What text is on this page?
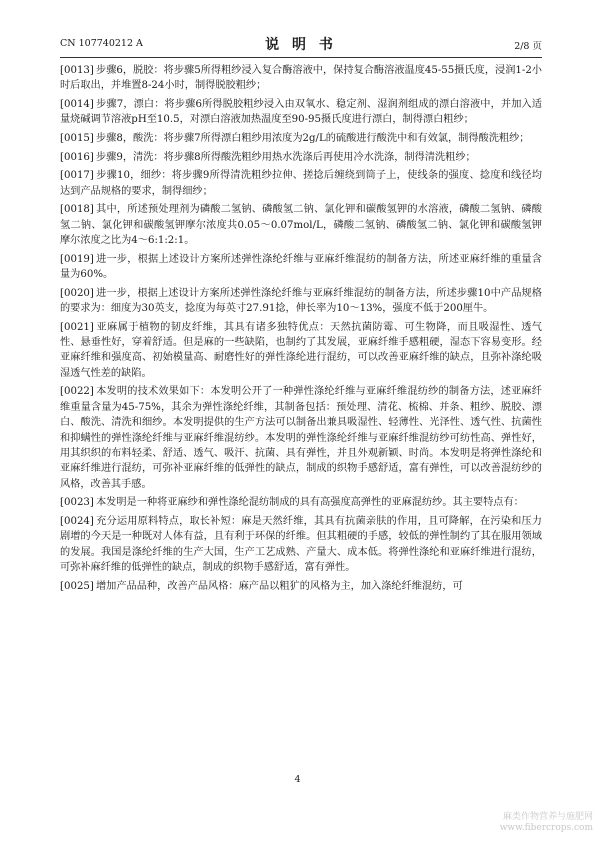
CN 107740212 A	说 明 书	2/8 页

[0013] 步骤6，脱胶：将步骤5所得粗纱浸入复合酶溶液中，保持复合酶溶液温度45-55摄氏度，浸润1-2小时后取出，并堆置8-24小时，制得脱胶粗纱；

[0014] 步骤7，漂白：将步骤6所得脱胶粗纱浸入由双氧水、稳定剂、湿润剂组成的漂白溶液中，并加入适量烧碱调节溶液pH至10.5，对漂白溶液加热温度至90-95摄氏度进行漂白，制得漂白粗纱；

[0015] 步骤8，酸洗：将步骤7所得漂白粗纱用浓度为2g/L的硫酸进行酸洗中和有效氯，制得酸洗粗纱；

[0016] 步骤9，清洗：将步骤8所得酸洗粗纱用热水洗涤后再使用冷水洗涤，制得清洗粗纱；

[0017] 步骤10，细纱：将步骤9所得清洗粗纱拉伸、搓捻后缠绕到筒子上，使线条的强度、捻度和线径均达到产品规格的要求，制得细纱；

[0018] 其中，所述预处理剂为磷酸二氢钠、磷酸氢二钠、氯化钾和碳酸氢钾的水溶液，磷酸二氢钠、磷酸氢二钠、氯化钾和碳酸氢钾摩尔浓度共0.05～0.07mol/L，磷酸二氢钠、磷酸氢二钠、氯化钾和碳酸氢钾摩尔浓度之比为4～6:1:2:1。

[0019] 进一步，根据上述设计方案所述弹性涤纶纤维与亚麻纤维混纺的制备方法，所述亚麻纤维的重量含量为60%。

[0020] 进一步，根据上述设计方案所述弹性涤纶纤维与亚麻纤维混纺的制备方法，所述步骤10中产品规格的要求为：细度为30英支，捻度为每英寸27.91捻，伸长率为10～13%，强度不低于200厘牛。

[0021] 亚麻属于植物的韧皮纤维，其具有诸多独特优点：天然抗菌防霉、可生物降，而且吸湿性、透气性、悬垂性好，穿着舒适。但是麻的一些缺陷，也制约了其发展，亚麻纤维手感粗硬，湿态下容易变形。经亚麻纤维和强度高、初始模量高、耐磨性好的弹性涤纶进行混纺，可以改善亚麻纤维的缺点，且弥补涤纶吸湿透气性差的缺陷。

[0022] 本发明的技术效果如下：本发明公开了一种弹性涤纶纤维与亚麻纤维混纺纱的制备方法，述亚麻纤维重量含量为45-75%，其余为弹性涤纶纤维，其制备包括：预处理、清花、梳棉、并条、粗纱、脱胶、漂白、酸洗、清洗和细纱。本发明提供的生产方法可以制备出兼具吸湿性、轻薄性、光泽性、透气性、抗菌性和抑螨性的弹性涤纶纤维与亚麻纤维混纺纱。本发明的弹性涤纶纤维与亚麻纤维混纺纱可纺性高、弹性好，用其织织的布料轻柔、舒适、透气、吸汗、抗菌、具有弹性，并且外观新颖、时尚。本发明是将弹性涤纶和亚麻纤维进行混纺，可弥补亚麻纤维的低弹性的缺点，制成的织物手感舒适，富有弹性，可以改善混纺纱的风格，改善其手感。

[0023] 本发明是一种将亚麻纱和弹性涤纶混纺制成的具有高强度高弹性的亚麻混纺纱。其主要特点有：

[0024] 充分运用原料特点，取长补短：麻是天然纤维，其具有抗菌亲肤的作用，且可降解，在污染和压力剧增的今天是一种既对人体有益，且有利于环保的纤维。但其粗硬的手感，较低的弹性制约了其在服用领域的发展。我国是涤纶纤维的生产大国，生产工艺成熟、产量大、成本低。将弹性涤纶和亚麻纤维进行混纺，可弥补麻纤维的低弹性的缺点，制成的织物手感舒适，富有弹性。

[0025] 增加产品品种，改善产品风格：麻产品以粗犷的风格为主，加入涤纶纤维混纺，可

4
麻类作物营养与施肥网
www.fibercrops.com
